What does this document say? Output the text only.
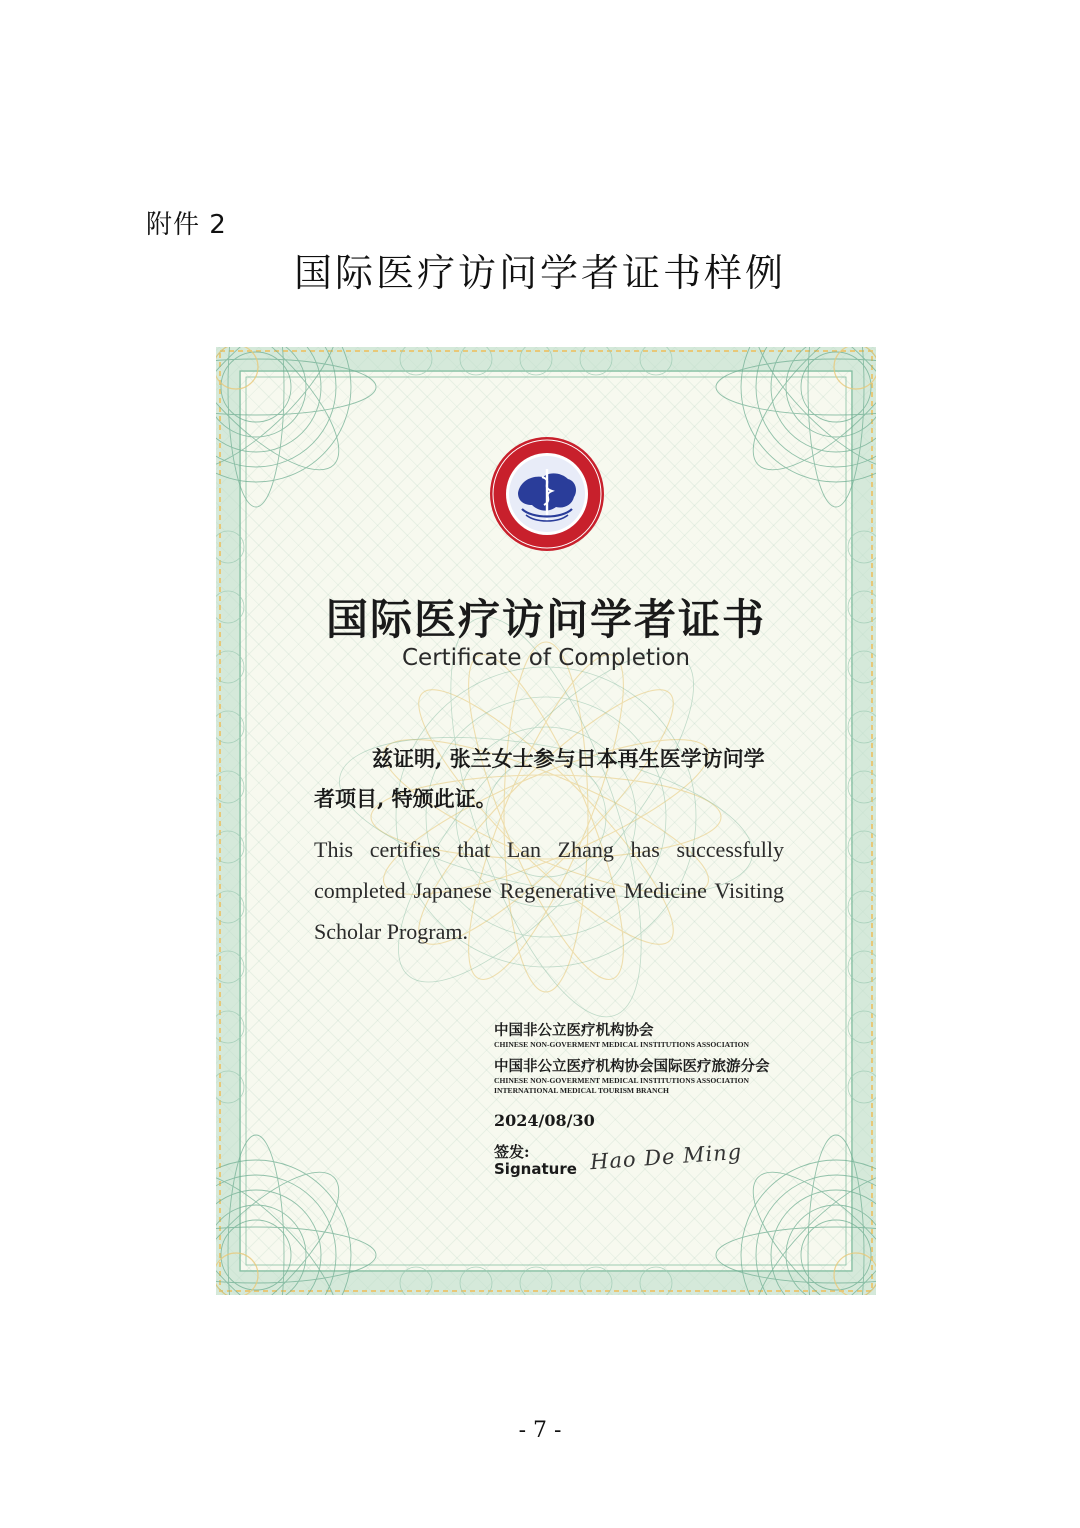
附件 2
国际医疗访问学者证书样例
国际医疗访问学者证书
Certificate of Completion

兹证明, 张兰女士参与日本再生医学访问学者项目, 特颁此证。

This certifies that Lan Zhang has successfully completed Japanese Regenerative Medicine Visiting Scholar Program.

中国非公立医疗机构协会
CHINESE NON-GOVERMENT MEDICAL INSTITUTIONS ASSOCIATION
中国非公立医疗机构协会国际医疗旅游分会
CHINESE NON-GOVERMENT MEDICAL INSTITUTIONS ASSOCIATION
INTERNATIONAL MEDICAL TOURISM BRANCH
2024/08/30
签发:
Signature Hao De Ming
- 7 -
